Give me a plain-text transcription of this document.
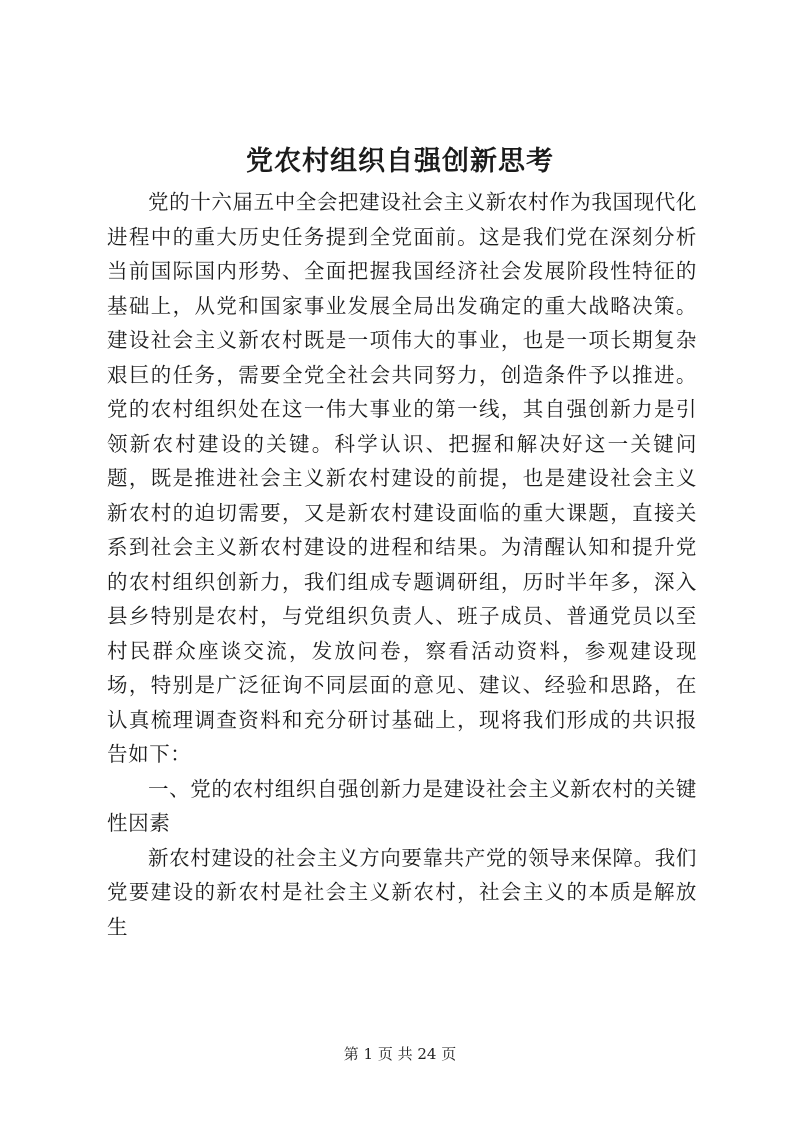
党农村组织自强创新思考

党的十六届五中全会把建设社会主义新农村作为我国现代化进程中的重大历史任务提到全党面前。这是我们党在深刻分析当前国际国内形势、全面把握我国经济社会发展阶段性特征的基础上，从党和国家事业发展全局出发确定的重大战略决策。建设社会主义新农村既是一项伟大的事业，也是一项长期复杂艰巨的任务，需要全党全社会共同努力，创造条件予以推进。党的农村组织处在这一伟大事业的第一线，其自强创新力是引领新农村建设的关键。科学认识、把握和解决好这一关键问题，既是推进社会主义新农村建设的前提，也是建设社会主义新农村的迫切需要，又是新农村建设面临的重大课题，直接关系到社会主义新农村建设的进程和结果。为清醒认知和提升党的农村组织创新力，我们组成专题调研组，历时半年多，深入县乡特别是农村，与党组织负责人、班子成员、普通党员以至村民群众座谈交流，发放问卷，察看活动资料，参观建设现场，特别是广泛征询不同层面的意见、建议、经验和思路，在认真梳理调查资料和充分研讨基础上，现将我们形成的共识报告如下：

一、党的农村组织自强创新力是建设社会主义新农村的关键性因素

新农村建设的社会主义方向要靠共产党的领导来保障。我们党要建设的新农村是社会主义新农村，社会主义的本质是解放生

第 1 页 共 24 页
